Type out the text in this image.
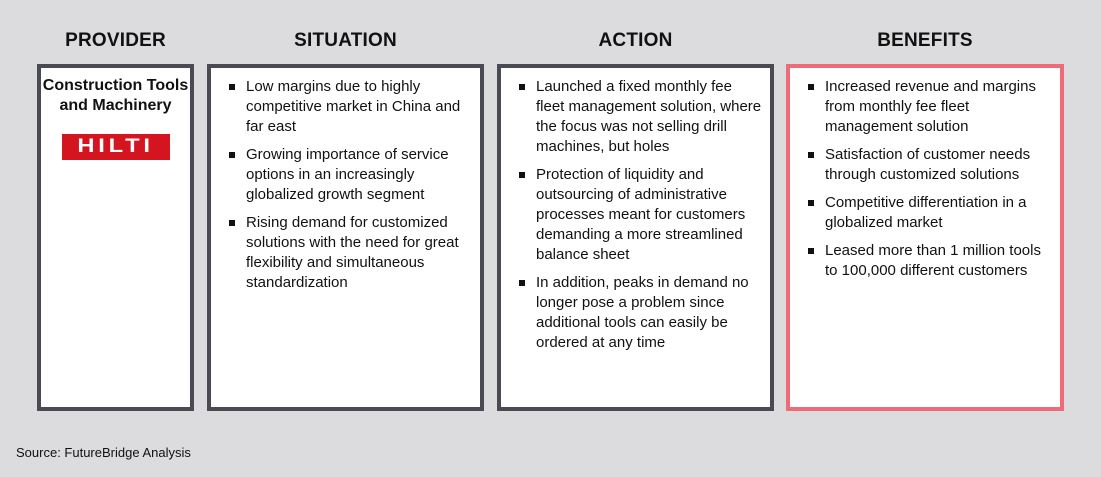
PROVIDER	SITUATION	ACTION	BENEFITS
Construction Tools and Machinery
HILTI
Low margins due to highly competitive market in China and far east
Growing importance of service options in an increasingly globalized growth segment
Rising demand for customized solutions with the need for great flexibility and simultaneous standardization
Launched a fixed monthly fee fleet management solution, where the focus was not selling drill machines, but holes
Protection of liquidity and outsourcing of administrative processes meant for customers demanding a more streamlined balance sheet
In addition, peaks in demand no longer pose a problem since additional tools can easily be ordered at any time
Increased revenue and margins from monthly fee fleet management solution
Satisfaction of customer needs through customized solutions
Competitive differentiation in a globalized market
Leased more than 1 million tools to 100,000 different customers
Source: FutureBridge Analysis
